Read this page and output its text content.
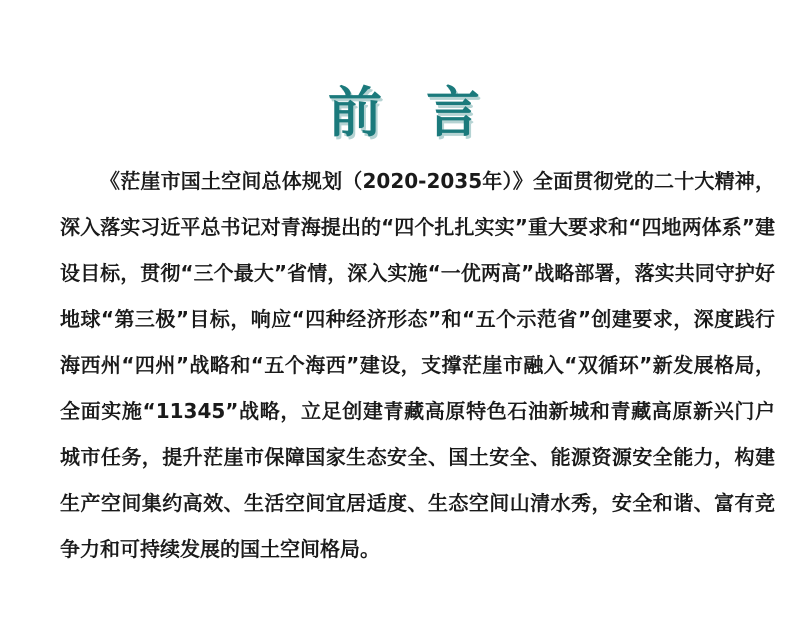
前言

《茫崖市国土空间总体规划（2020-2035年）》全面贯彻党的二十大精神，深入落实习近平总书记对青海提出的“四个扎扎实实”重大要求和“四地两体系”建设目标，贯彻“三个最大”省情，深入实施“一优两高”战略部署，落实共同守护好地球“第三极”目标，响应“四种经济形态”和“五个示范省”创建要求，深度践行海西州“四州”战略和“五个海西”建设，支撑茫崖市融入“双循环”新发展格局，全面实施“11345”战略，立足创建青藏高原特色石油新城和青藏高原新兴门户城市任务，提升茫崖市保障国家生态安全、国土安全、能源资源安全能力，构建生产空间集约高效、生活空间宜居适度、生态空间山清水秀，安全和谐、富有竞争力和可持续发展的国土空间格局。
